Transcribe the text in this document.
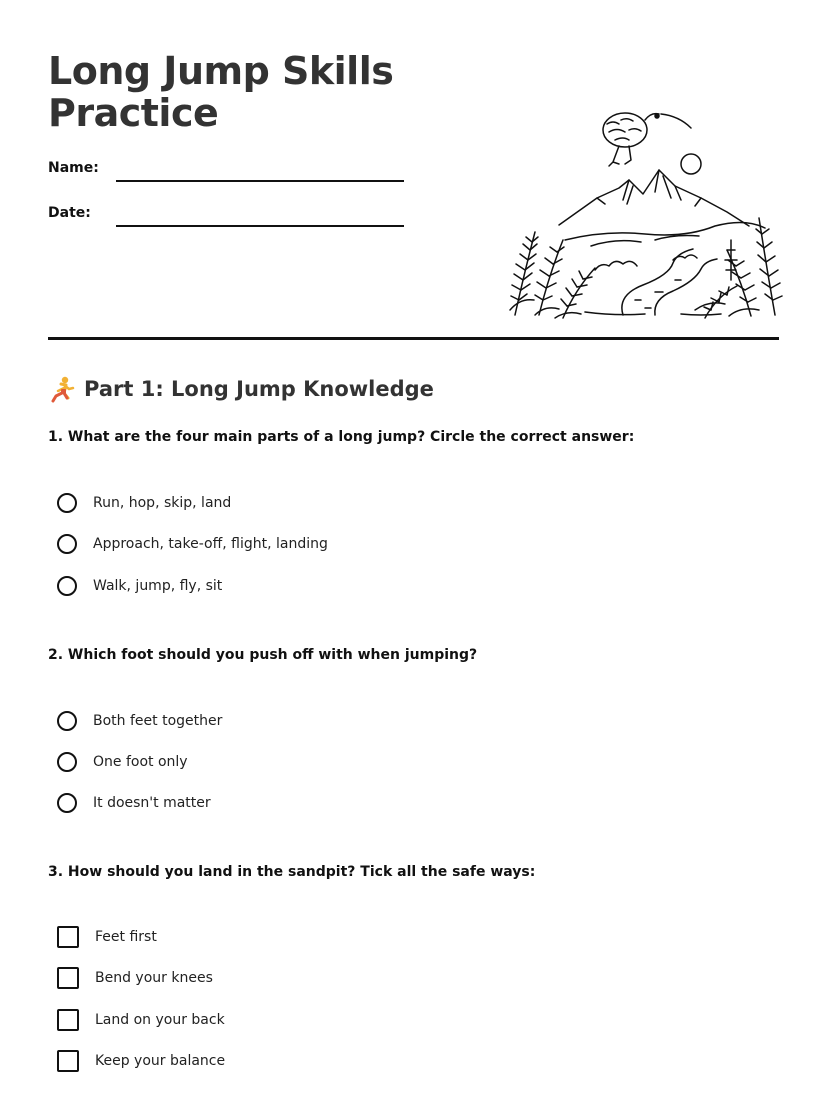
Long Jump Skills
Practice
Name:
Date:
Part 1: Long Jump Knowledge
1. What are the four main parts of a long jump? Circle the correct answer:
Run, hop, skip, land
Approach, take-off, flight, landing
Walk, jump, fly, sit
2. Which foot should you push off with when jumping?
Both feet together
One foot only
It doesn't matter
3. How should you land in the sandpit? Tick all the safe ways:
Feet first
Bend your knees
Land on your back
Keep your balance
